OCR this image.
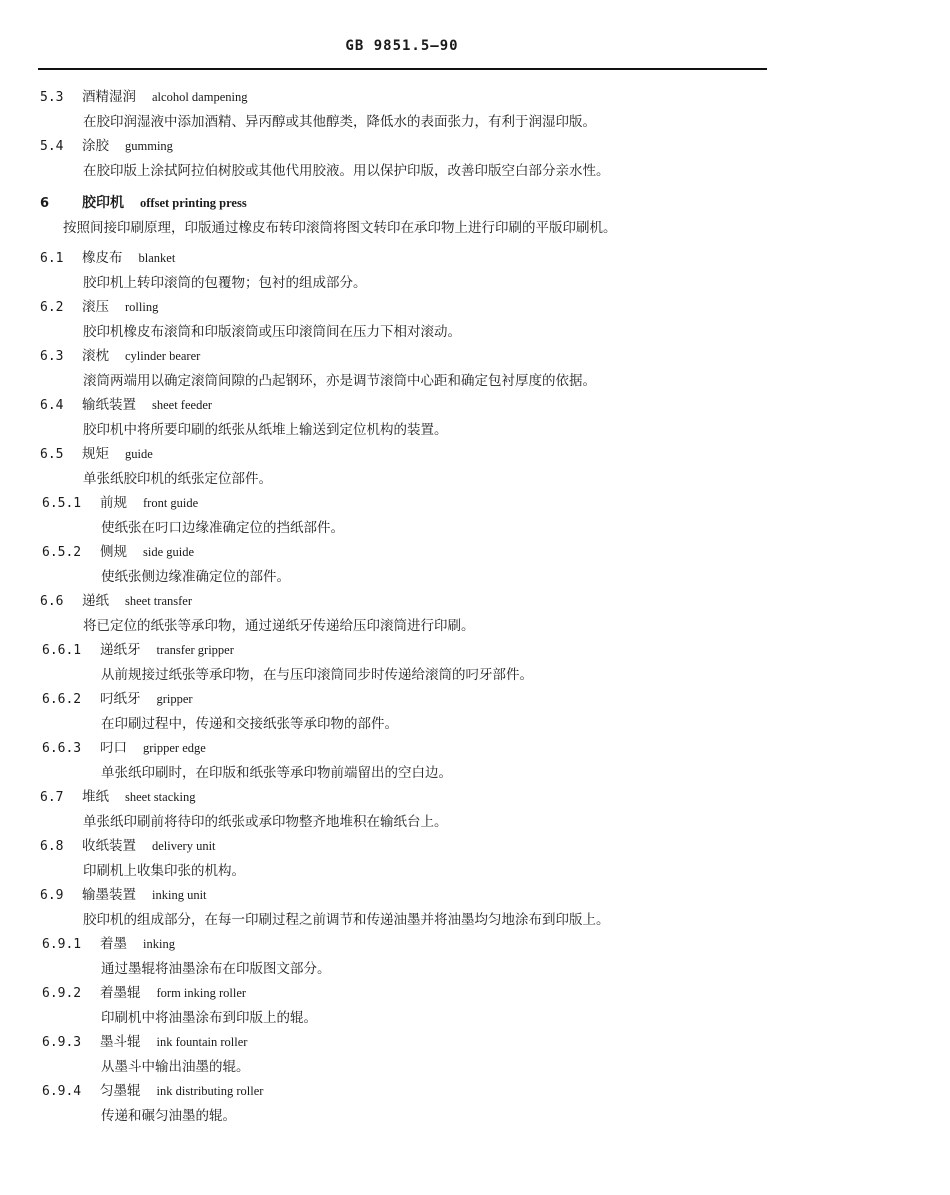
GB 9851.5—90
5.3 酒精湿润 alcohol dampening
在胶印润湿液中添加酒精、异丙醇或其他醇类，降低水的表面张力，有利于润湿印版。
5.4 涂胶 gumming
在胶印版上涂拭阿拉伯树胶或其他代用胶液。用以保护印版，改善印版空白部分亲水性。
6 胶印机 offset printing press
按照间接印刷原理，印版通过橡皮布转印滚筒将图文转印在承印物上进行印刷的平版印刷机。
6.1 橡皮布 blanket
胶印机上转印滚筒的包覆物；包衬的组成部分。
6.2 滚压 rolling
胶印机橡皮布滚筒和印版滚筒或压印滚筒间在压力下相对滚动。
6.3 滚枕 cylinder bearer
滚筒两端用以确定滚筒间隙的凸起钢环，亦是调节滚筒中心距和确定包衬厚度的依据。
6.4 输纸装置 sheet feeder
胶印机中将所要印刷的纸张从纸堆上输送到定位机构的装置。
6.5 规矩 guide
单张纸胶印机的纸张定位部件。
6.5.1 前规 front guide
使纸张在叼口边缘准确定位的挡纸部件。
6.5.2 侧规 side guide
使纸张侧边缘准确定位的部件。
6.6 递纸 sheet transfer
将已定位的纸张等承印物，通过递纸牙传递给压印滚筒进行印刷。
6.6.1 递纸牙 transfer gripper
从前规接过纸张等承印物，在与压印滚筒同步时传递给滚筒的叼牙部件。
6.6.2 叼纸牙 gripper
在印刷过程中，传递和交接纸张等承印物的部件。
6.6.3 叼口 gripper edge
单张纸印刷时，在印版和纸张等承印物前端留出的空白边。
6.7 堆纸 sheet stacking
单张纸印刷前将待印的纸张或承印物整齐地堆积在输纸台上。
6.8 收纸装置 delivery unit
印刷机上收集印张的机构。
6.9 输墨装置 inking unit
胶印机的组成部分，在每一印刷过程之前调节和传递油墨并将油墨均匀地涂布到印版上。
6.9.1 着墨 inking
通过墨辊将油墨涂布在印版图文部分。
6.9.2 着墨辊 form inking roller
印刷机中将油墨涂布到印版上的辊。
6.9.3 墨斗辊 ink fountain roller
从墨斗中输出油墨的辊。
6.9.4 匀墨辊 ink distributing roller
传递和碾匀油墨的辊。
